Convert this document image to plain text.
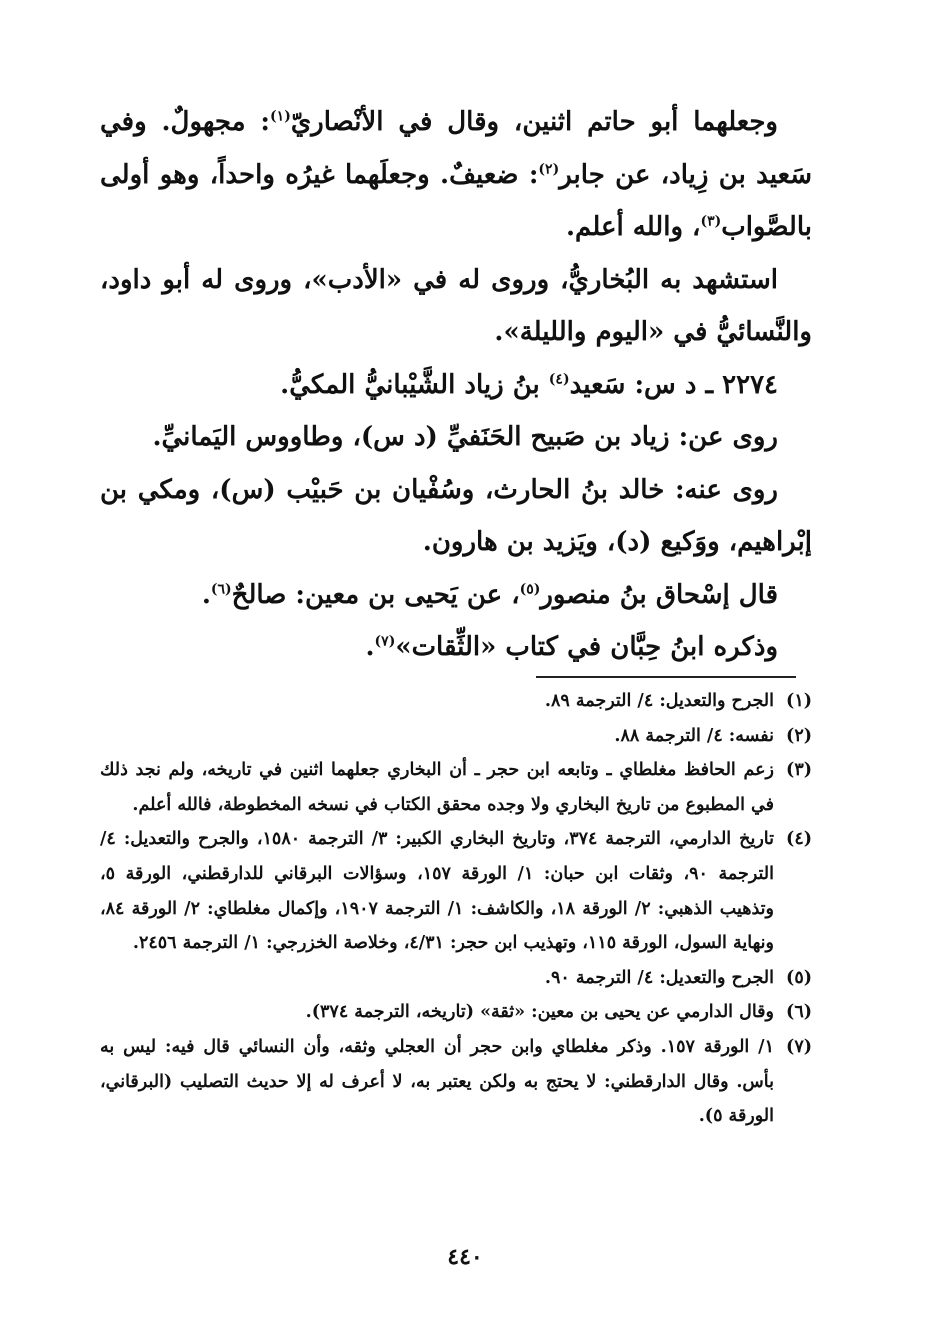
وجعلهما أبو حاتم اثنين، وقال في الأنْصاريّ$^{(١)}$: مجهولٌ. وفي سَعيد بن زِياد، عن جابر$^{(٢)}$: ضعيفٌ. وجعلَهما غيرُه واحداً، وهو أولى بالصَّواب$^{(٣)}$، والله أعلم.

استشهد به البُخاريُّ، وروى له في «الأدب»، وروى له أبو داود، والنَّسائيُّ في «اليوم والليلة».

٢٢٧٤ ـ د س: سَعيد$^{(٤)}$ بنُ زياد الشَّيْبانيُّ المكيُّ.

روى عن: زياد بن صَبيح الحَنَفيِّ (د س)، وطاووس اليَمانيِّ.

روى عنه: خالد بنُ الحارث، وسُفْيان بن حَبيْب (س)، ومكي بن إبْراهيم، ووَكيع (د)، ويَزيد بن هارون.

قال إسْحاق بنُ منصور$^{(٥)}$، عن يَحيى بن معين: صالحٌ$^{(٦)}$.

وذكره ابنُ حِبَّان في كتاب «الثِّقات»$^{(٧)}$.

(١)
الجرح والتعديل: ٤/ الترجمة ٨٩.
(٢)
نفسه: ٤/ الترجمة ٨٨.
(٣)
زعم الحافظ مغلطاي ـ وتابعه ابن حجر ـ أن البخاري جعلهما اثنين في تاريخه، ولم نجد ذلك في المطبوع من تاريخ البخاري ولا وجده محقق الكتاب في نسخه المخطوطة، فالله أعلم.
(٤)
تاريخ الدارمي، الترجمة ٣٧٤، وتاريخ البخاري الكبير: ٣/ الترجمة ١٥٨٠، والجرح والتعديل: ٤/ الترجمة ٩٠، وثقات ابن حبان: ١/ الورقة ١٥٧، وسؤالات البرقاني للدارقطني، الورقة ٥، وتذهيب الذهبي: ٢/ الورقة ١٨، والكاشف: ١/ الترجمة ١٩٠٧، وإكمال مغلطاي: ٢/ الورقة ٨٤، ونهاية السول، الورقة ١١٥، وتهذيب ابن حجر: ٤/٣١، وخلاصة الخزرجي: ١/ الترجمة ٢٤٥٦.
(٥)
الجرح والتعديل: ٤/ الترجمة ٩٠.
(٦)
وقال الدارمي عن يحيى بن معين: «ثقة» (تاريخه، الترجمة ٣٧٤).
(٧)
١/ الورقة ١٥٧. وذكر مغلطاي وابن حجر أن العجلي وثقه، وأن النسائي قال فيه: ليس به بأس. وقال الدارقطني: لا يحتج به ولكن يعتبر به، لا أعرف له إلا حديث التصليب (البرقاني، الورقة ٥).
٤٤٠
